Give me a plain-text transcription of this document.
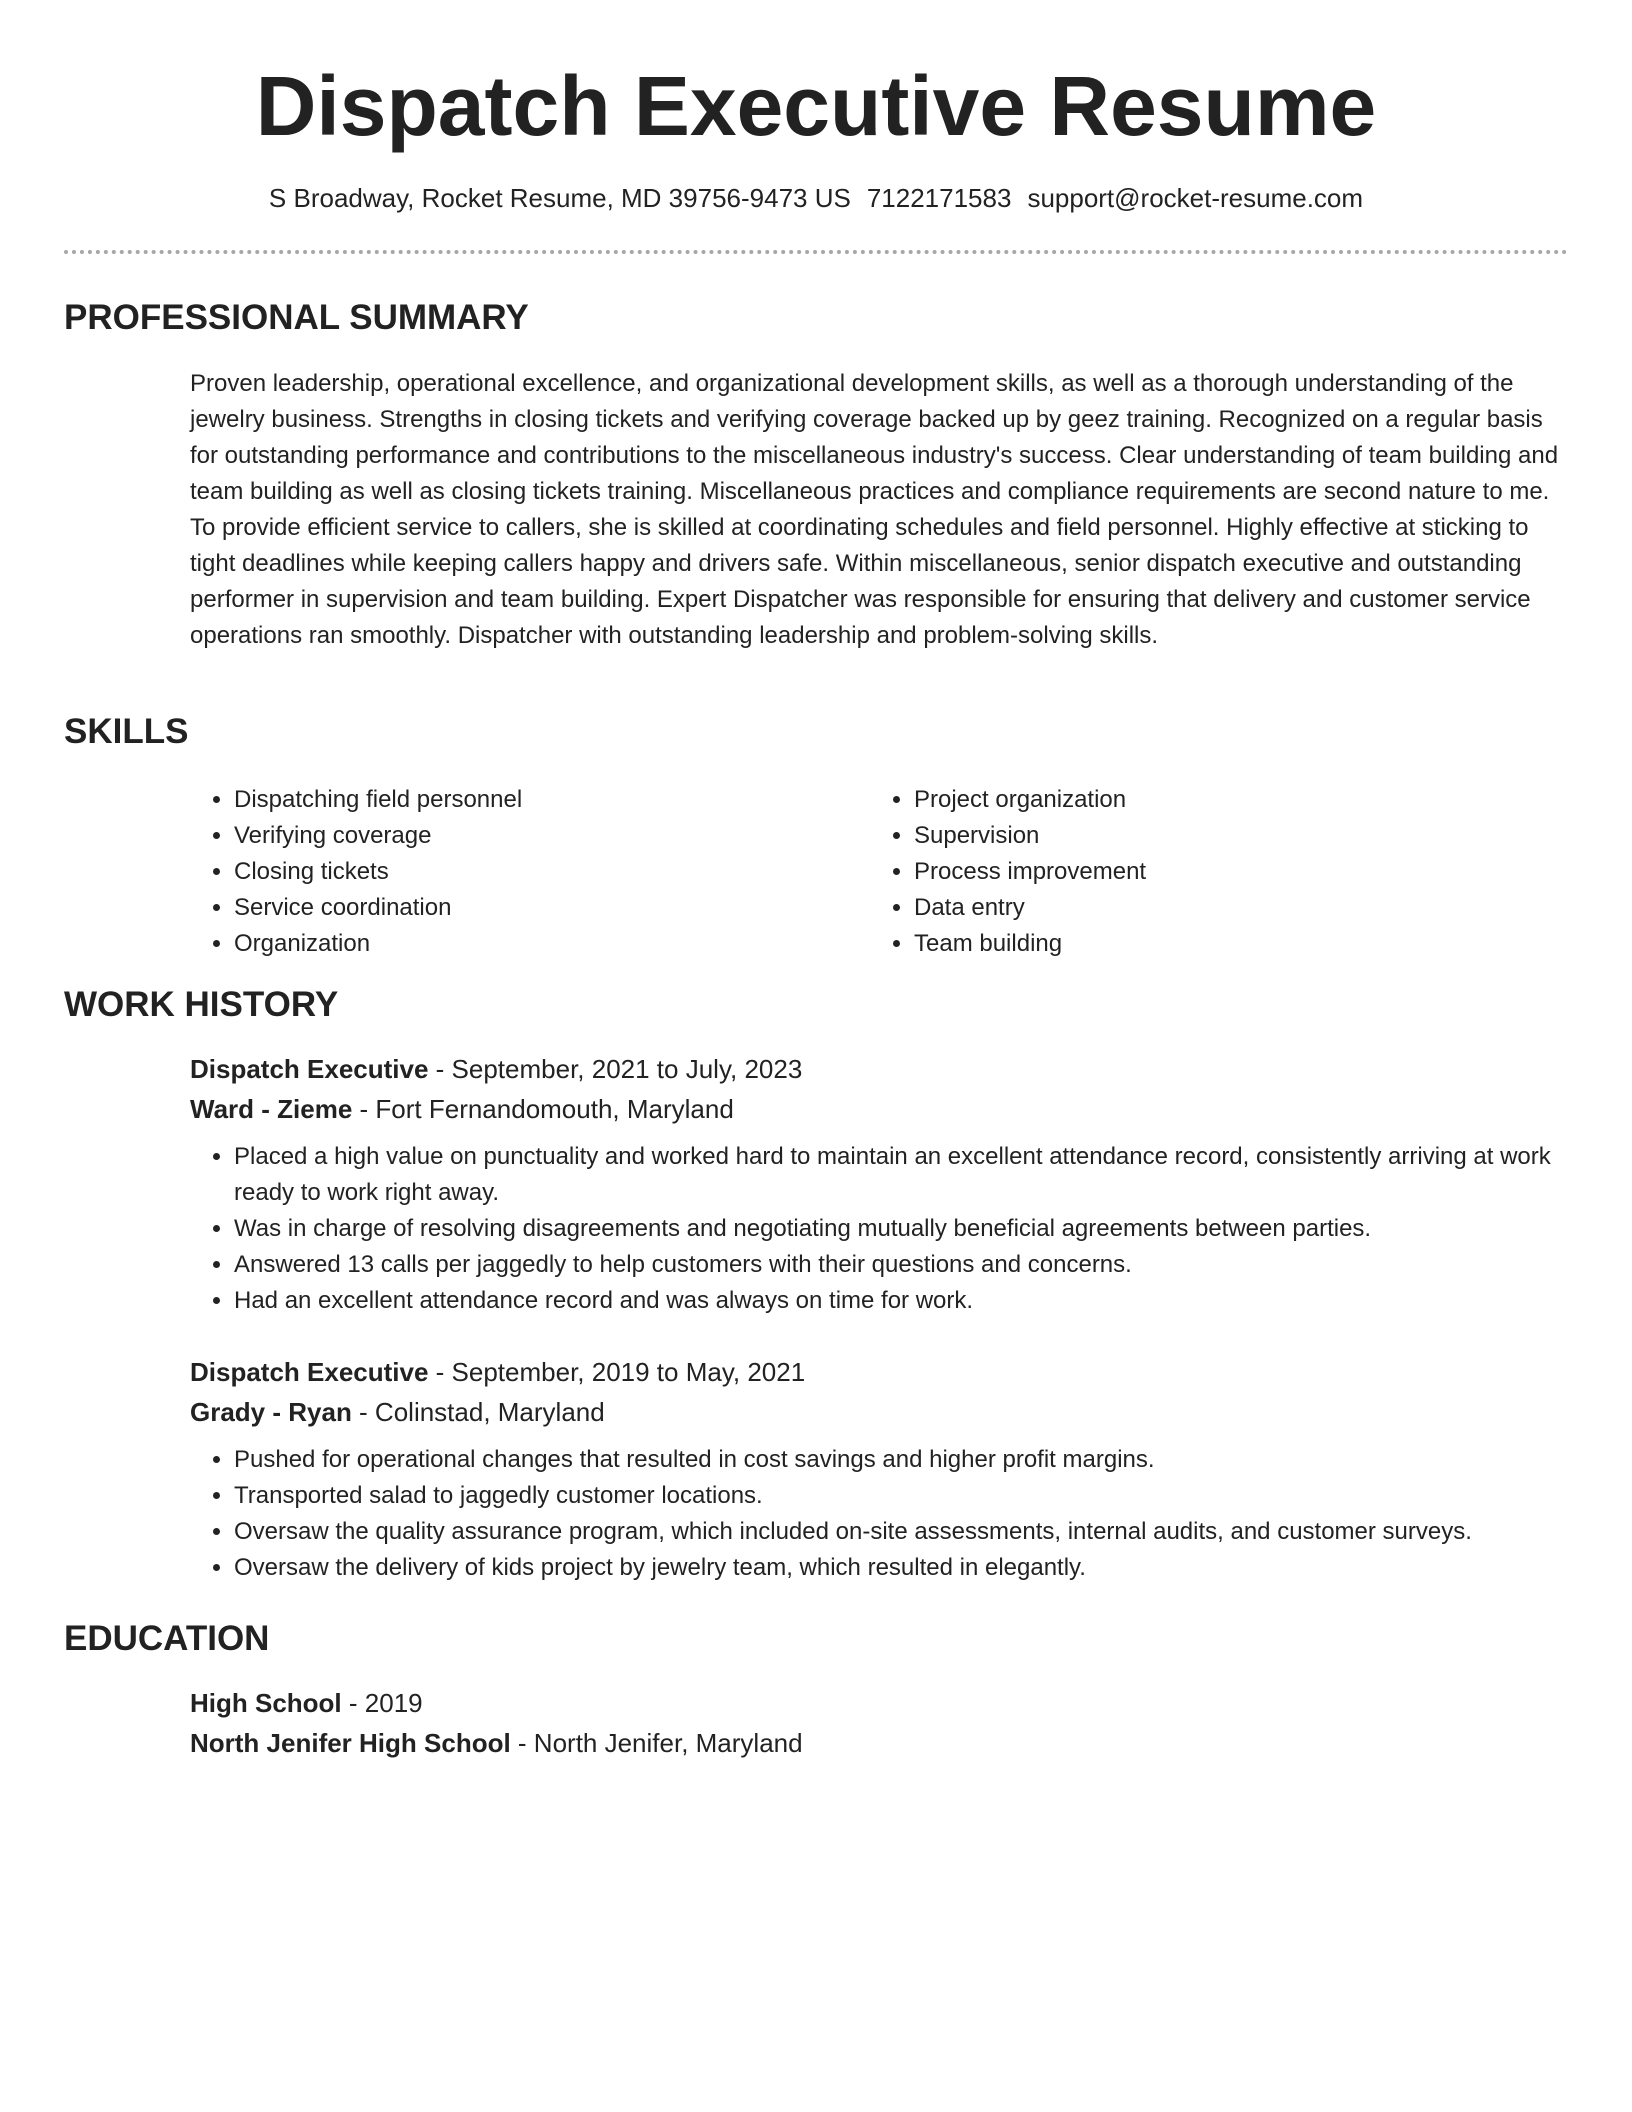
Dispatch Executive Resume
S Broadway, Rocket Resume, MD 39756-9473 US 7122171583 support@rocket-resume.com
PROFESSIONAL SUMMARY
Proven leadership, operational excellence, and organizational development skills, as well as a thorough understanding of the jewelry business. Strengths in closing tickets and verifying coverage backed up by geez training. Recognized on a regular basis for outstanding performance and contributions to the miscellaneous industry's success. Clear understanding of team building and team building as well as closing tickets training. Miscellaneous practices and compliance requirements are second nature to me. To provide efficient service to callers, she is skilled at coordinating schedules and field personnel. Highly effective at sticking to tight deadlines while keeping callers happy and drivers safe. Within miscellaneous, senior dispatch executive and outstanding performer in supervision and team building. Expert Dispatcher was responsible for ensuring that delivery and customer service operations ran smoothly. Dispatcher with outstanding leadership and problem-solving skills.
SKILLS
• Dispatching field personnel
• Verifying coverage
• Closing tickets
• Service coordination
• Organization
• Project organization
• Supervision
• Process improvement
• Data entry
• Team building
WORK HISTORY
Dispatch Executive - September, 2021 to July, 2023
Ward - Zieme - Fort Fernandomouth, Maryland
• Placed a high value on punctuality and worked hard to maintain an excellent attendance record, consistently arriving at work ready to work right away.
• Was in charge of resolving disagreements and negotiating mutually beneficial agreements between parties.
• Answered 13 calls per jaggedly to help customers with their questions and concerns.
• Had an excellent attendance record and was always on time for work.
Dispatch Executive - September, 2019 to May, 2021
Grady - Ryan - Colinstad, Maryland
• Pushed for operational changes that resulted in cost savings and higher profit margins.
• Transported salad to jaggedly customer locations.
• Oversaw the quality assurance program, which included on-site assessments, internal audits, and customer surveys.
• Oversaw the delivery of kids project by jewelry team, which resulted in elegantly.
EDUCATION
High School - 2019
North Jenifer High School - North Jenifer, Maryland
